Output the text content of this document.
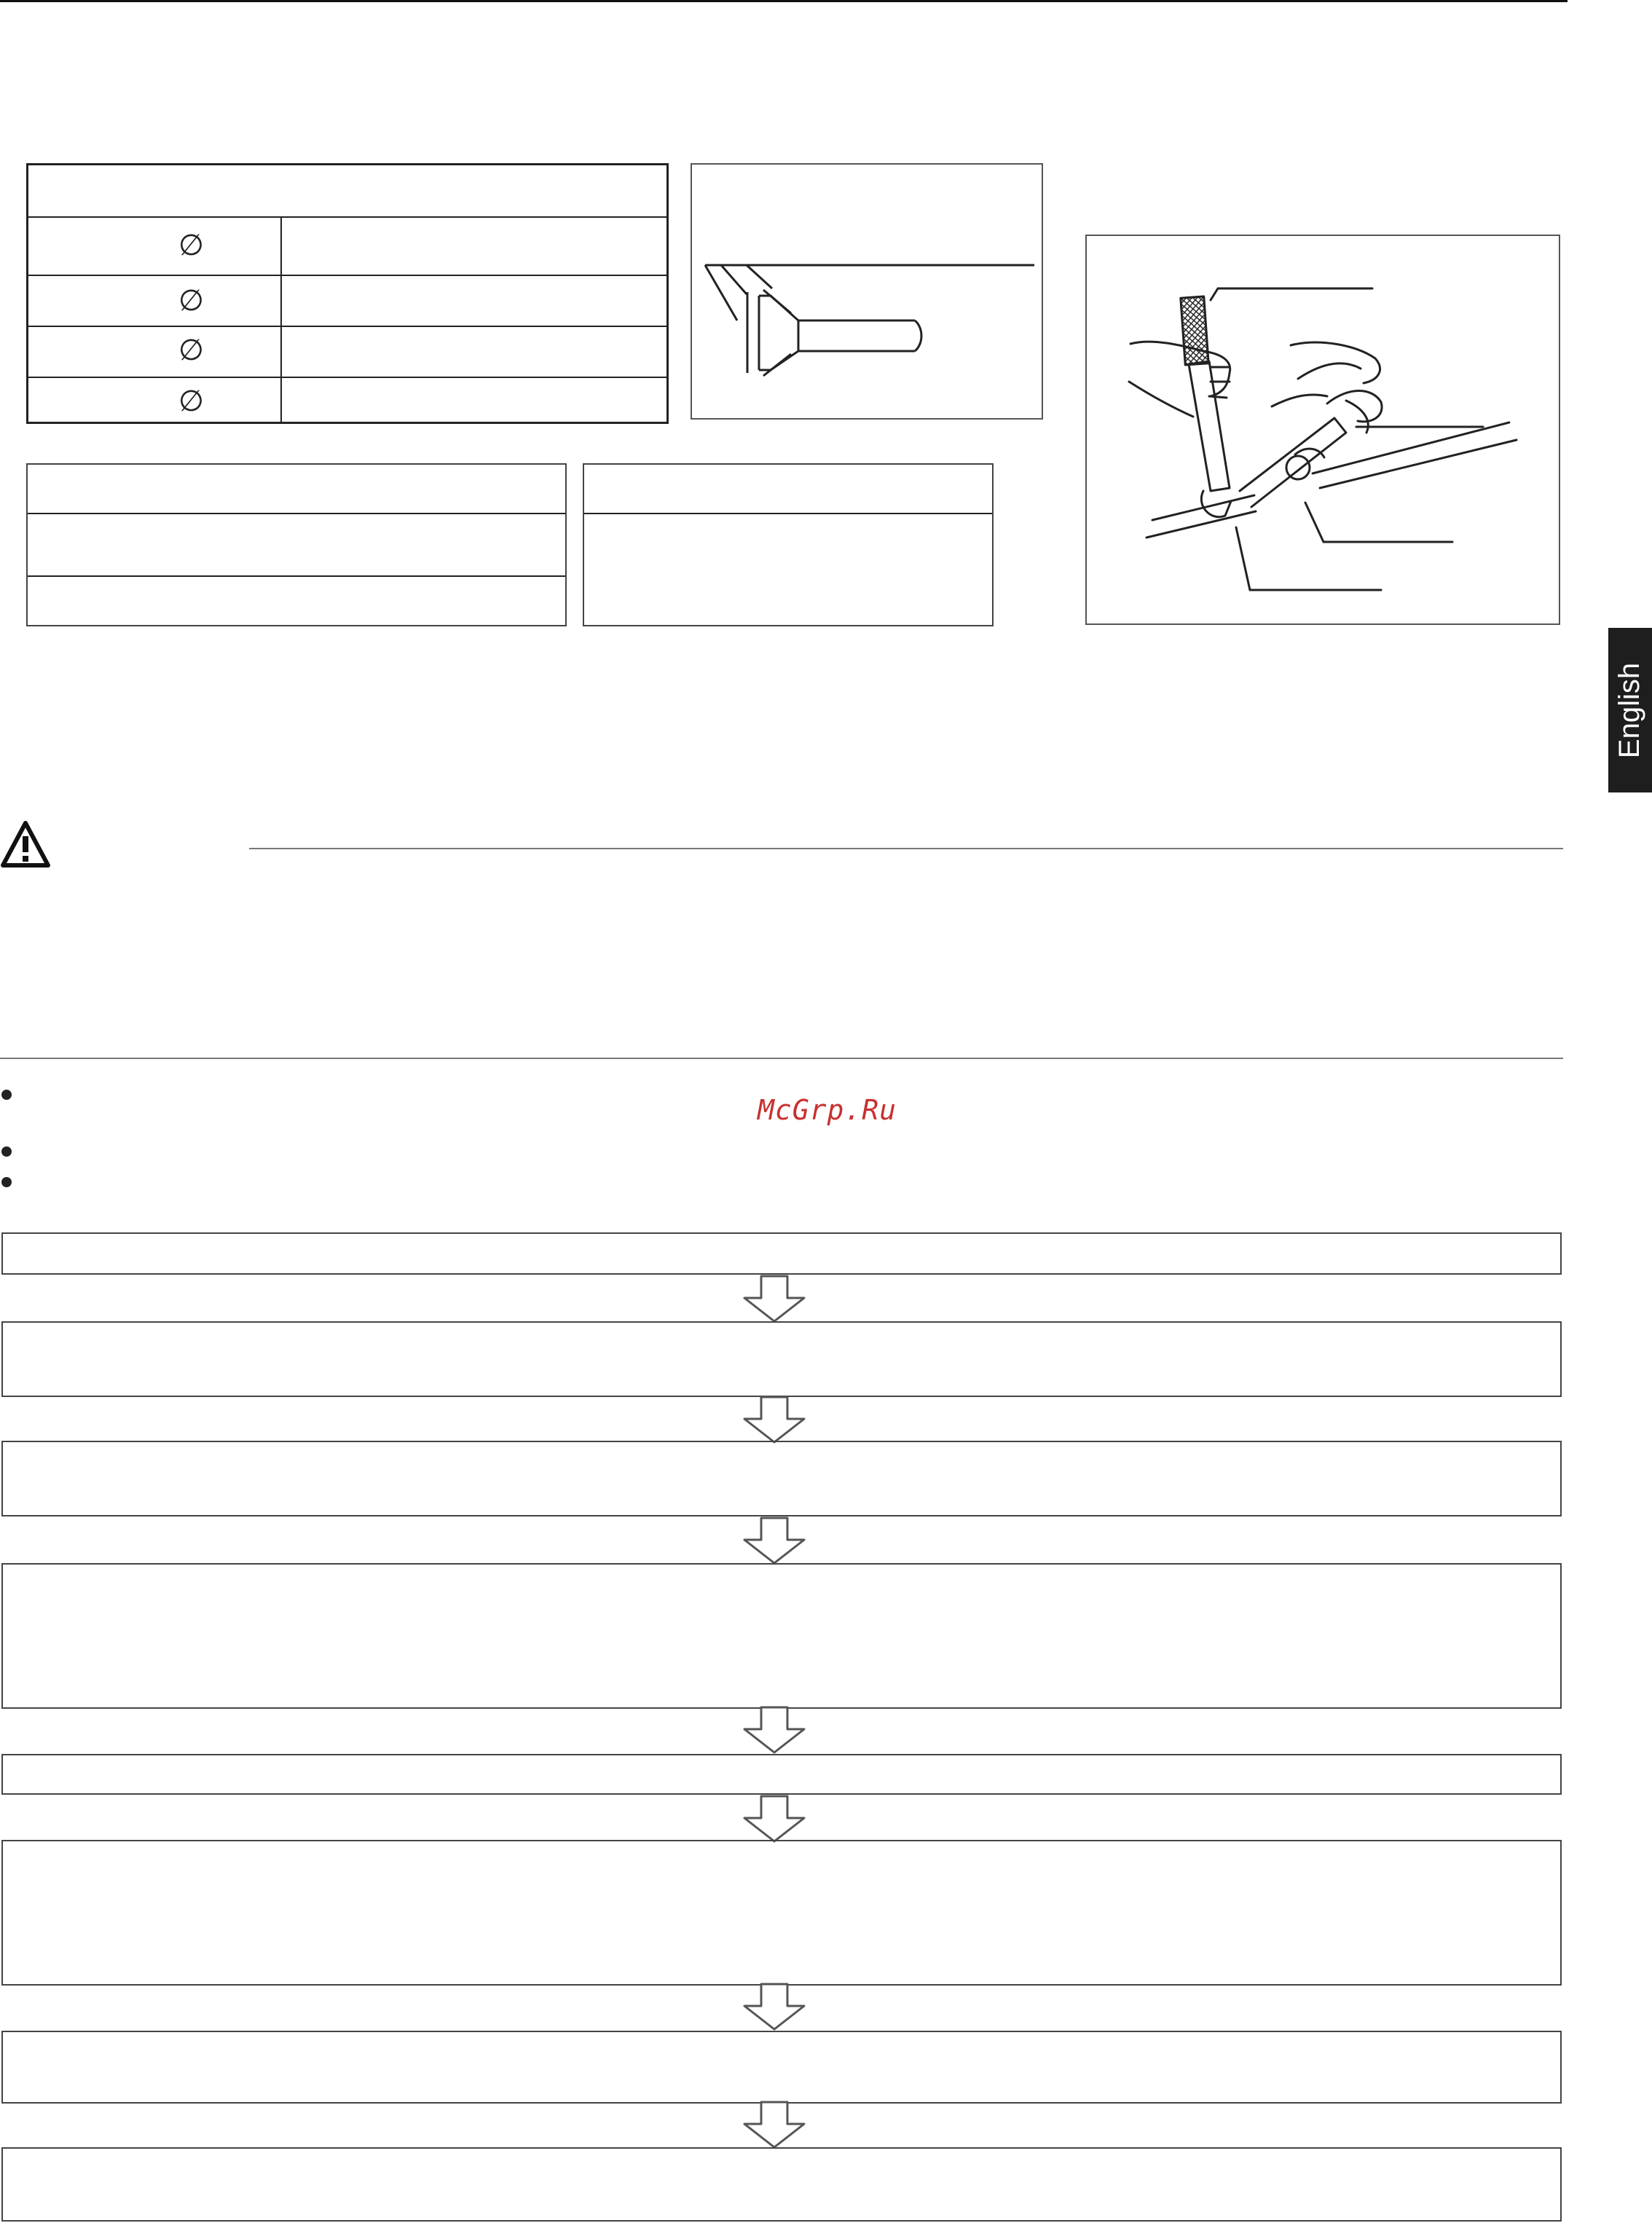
∅
∅
∅
∅
English
McGrp.Ru
